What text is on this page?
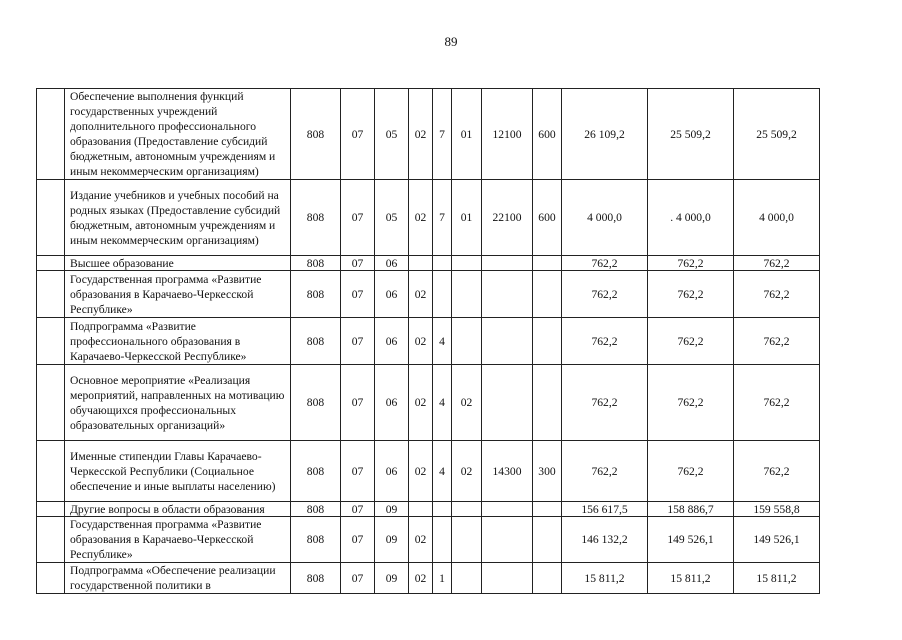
89
	Обеспечение выполнения функций государственных учреждений дополнительного профессионального образования (Предоставление субсидий бюджетным, автономным учреждениям и иным некоммерческим организациям)	808	07	05	02	7	01	12100	600	26 109,2	25 509,2	25 509,2
	Издание учебников и учебных пособий на родных языках (Предоставление субсидий бюджетным, автономным учреждениям и иным некоммерческим организациям)	808	07	05	02	7	01	22100	600	4 000,0	. 4 000,0	4 000,0
	Высшее образование	808	07	06						762,2	762,2	762,2
	Государственная программа «Развитие образования в Карачаево-Черкесской Республике»	808	07	06	02					762,2	762,2	762,2
	Подпрограмма «Развитие профессионального образования в Карачаево-Черкесской Республике»	808	07	06	02	4				762,2	762,2	762,2
	Основное мероприятие «Реализация мероприятий, направленных на мотивацию обучающихся профессиональных образовательных организаций»	808	07	06	02	4	02			762,2	762,2	762,2
	Именные стипендии Главы Карачаево-Черкесской Республики (Социальное обеспечение и иные выплаты населению)	808	07	06	02	4	02	14300	300	762,2	762,2	762,2
	Другие вопросы в области образования	808	07	09						156 617,5	158 886,7	159 558,8
	Государственная программа «Развитие образования в Карачаево-Черкесской Республике»	808	07	09	02					146 132,2	149 526,1	149 526,1
	Подпрограмма «Обеспечение реализации государственной политики в	808	07	09	02	1				15 811,2	15 811,2	15 811,2
